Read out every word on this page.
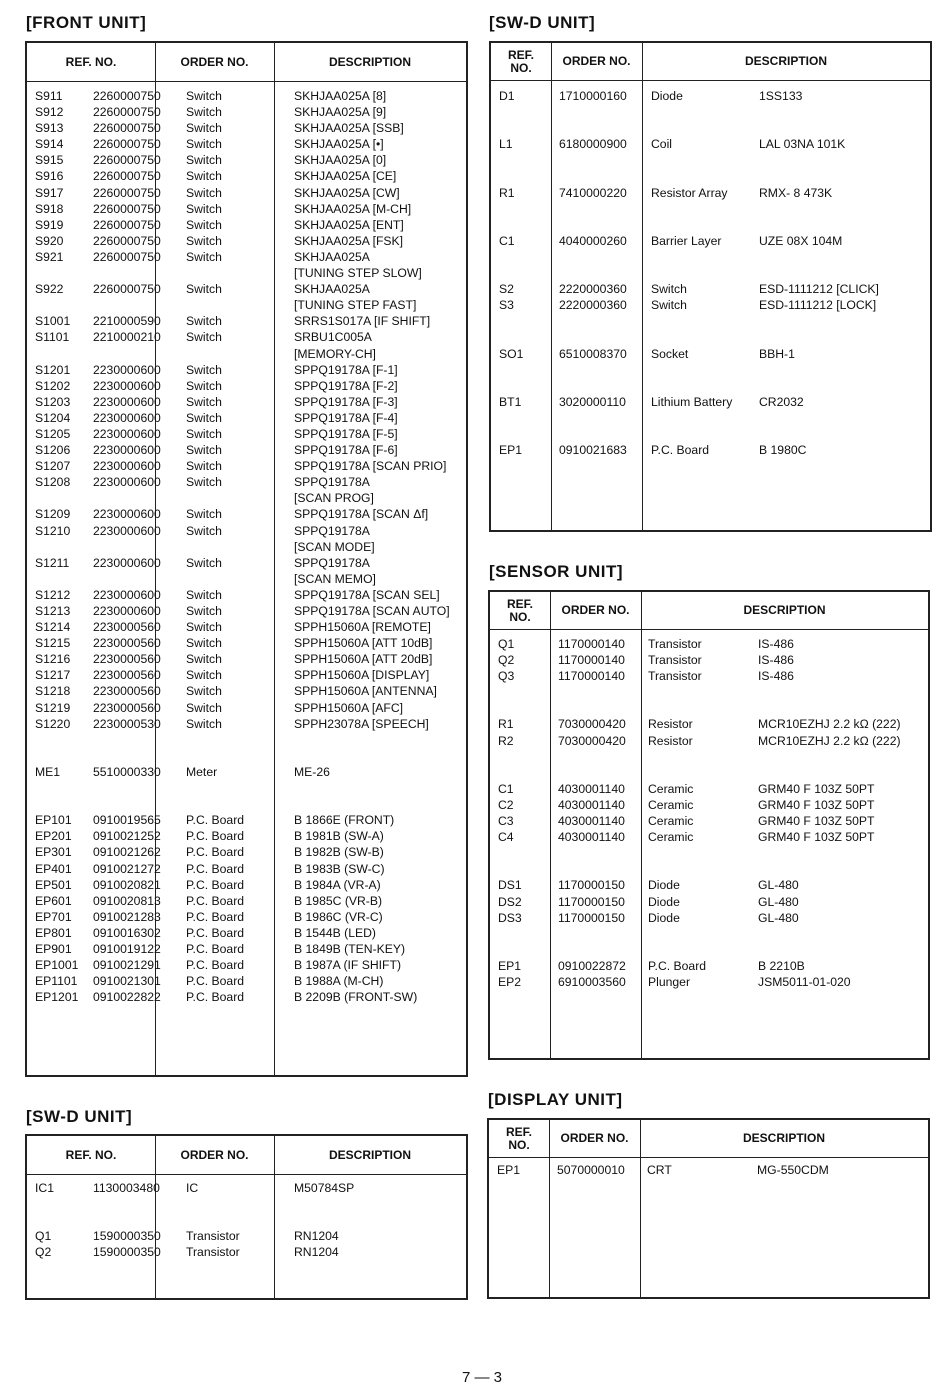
[FRONT UNIT]
REF. NO.	ORDER NO.	DESCRIPTION
S911 2260000750 Switch	SKHJAA025A [8]
S912 2260000750 Switch	SKHJAA025A [9]
S913 2260000750 Switch	SKHJAA025A [SSB]
S914 2260000750 Switch	SKHJAA025A [•]
S915 2260000750 Switch	SKHJAA025A [0]
S916 2260000750 Switch	SKHJAA025A [CE]
S917 2260000750 Switch	SKHJAA025A [CW]
S918 2260000750 Switch	SKHJAA025A [M-CH]
S919 2260000750 Switch	SKHJAA025A [ENT]
S920 2260000750 Switch	SKHJAA025A [FSK]
S921 2260000750 Switch	SKHJAA025A
[TUNING STEP SLOW]
S922 2260000750 Switch	SKHJAA025A
[TUNING STEP FAST]
S1001 2210000590 Switch	SRRS1S017A [IF SHIFT]
S1101 2210000210 Switch	SRBU1C005A
[MEMORY-CH]
S1201 2230000600 Switch	SPPQ19178A [F-1]
S1202 2230000600 Switch	SPPQ19178A [F-2]
S1203 2230000600 Switch	SPPQ19178A [F-3]
S1204 2230000600 Switch	SPPQ19178A [F-4]
S1205 2230000600 Switch	SPPQ19178A [F-5]
S1206 2230000600 Switch	SPPQ19178A [F-6]
S1207 2230000600 Switch	SPPQ19178A [SCAN PRIO]
S1208 2230000600 Switch	SPPQ19178A
[SCAN PROG]
S1209 2230000600 Switch	SPPQ19178A [SCAN Δf]
S1210 2230000600 Switch	SPPQ19178A
[SCAN MODE]
S1211 2230000600 Switch	SPPQ19178A
[SCAN MEMO]
S1212 2230000600 Switch	SPPQ19178A [SCAN SEL]
S1213 2230000600 Switch	SPPQ19178A [SCAN AUTO]
S1214 2230000560 Switch	SPPH15060A [REMOTE]
S1215 2230000560 Switch	SPPH15060A [ATT 10dB]
S1216 2230000560 Switch	SPPH15060A [ATT 20dB]
S1217 2230000560 Switch	SPPH15060A [DISPLAY]
S1218 2230000560 Switch	SPPH15060A [ANTENNA]
S1219 2230000560 Switch	SPPH15060A [AFC]
S1220 2230000530 Switch	SPPH23078A [SPEECH]
ME1	5510000330 Meter	ME-26
EP101 0910019565 P.C. Board	B 1866E (FRONT)
EP201 0910021252 P.C. Board	B 1981B (SW-A)
EP301 0910021262 P.C. Board	B 1982B (SW-B)
EP401 0910021272 P.C. Board	B 1983B (SW-C)
EP501 0910020821 P.C. Board	B 1984A (VR-A)
EP601 0910020813 P.C. Board	B 1985C (VR-B)
EP701 0910021283 P.C. Board	B 1986C (VR-C)
EP801 0910016302 P.C. Board	B 1544B (LED)
EP901 0910019122 P.C. Board	B 1849B (TEN-KEY)
EP1001 0910021291 P.C. Board	B 1987A (IF SHIFT)
EP1101 0910021301 P.C. Board	B 1988A (M-CH)
EP1201 0910022822 P.C. Board	B 2209B (FRONT-SW)
[SW-D UNIT]
REF. NO.	ORDER NO.	DESCRIPTION
IC1	1130003480 IC	M50784SP
Q1	1590000350 Transistor	RN1204
Q2	1590000350 Transistor	RN1204
[SW-D UNIT]
REF. NO.	ORDER NO.	DESCRIPTION
D1	1710000160 Diode	1SS133
L1	6180000900 Coil	LAL 03NA 101K
R1	7410000220 Resistor Array	RMX- 8 473K
C1	4040000260 Barrier Layer	UZE 08X 104M
S2	2220000360 Switch	ESD-1111212 [CLICK]
S3	2220000360 Switch	ESD-1111212 [LOCK]
SO1	6510008370 Socket	BBH-1
BT1	3020000110 Lithium Battery CR2032
EP1	0910021683 P.C. Board	B 1980C
[SENSOR UNIT]
REF. NO.	ORDER NO.	DESCRIPTION
Q1	1170000140 Transistor	IS-486
Q2	1170000140 Transistor	IS-486
Q3	1170000140 Transistor	IS-486
R1	7030000420 Resistor	MCR10EZHJ 2.2 kΩ (222)
R2	7030000420 Resistor	MCR10EZHJ 2.2 kΩ (222)
C1	4030001140 Ceramic	GRM40 F 103Z 50PT
C2	4030001140 Ceramic	GRM40 F 103Z 50PT
C3	4030001140 Ceramic	GRM40 F 103Z 50PT
C4	4030001140 Ceramic	GRM40 F 103Z 50PT
DS1	1170000150 Diode	GL-480
DS2	1170000150 Diode	GL-480
DS3	1170000150 Diode	GL-480
EP1	0910022872 P.C. Board	B 2210B
EP2	6910003560 Plunger	JSM5011-01-020
[DISPLAY UNIT]
REF. NO.	ORDER NO.	DESCRIPTION
EP1	5070000010 CRT	MG-550CDM

7 — 3
